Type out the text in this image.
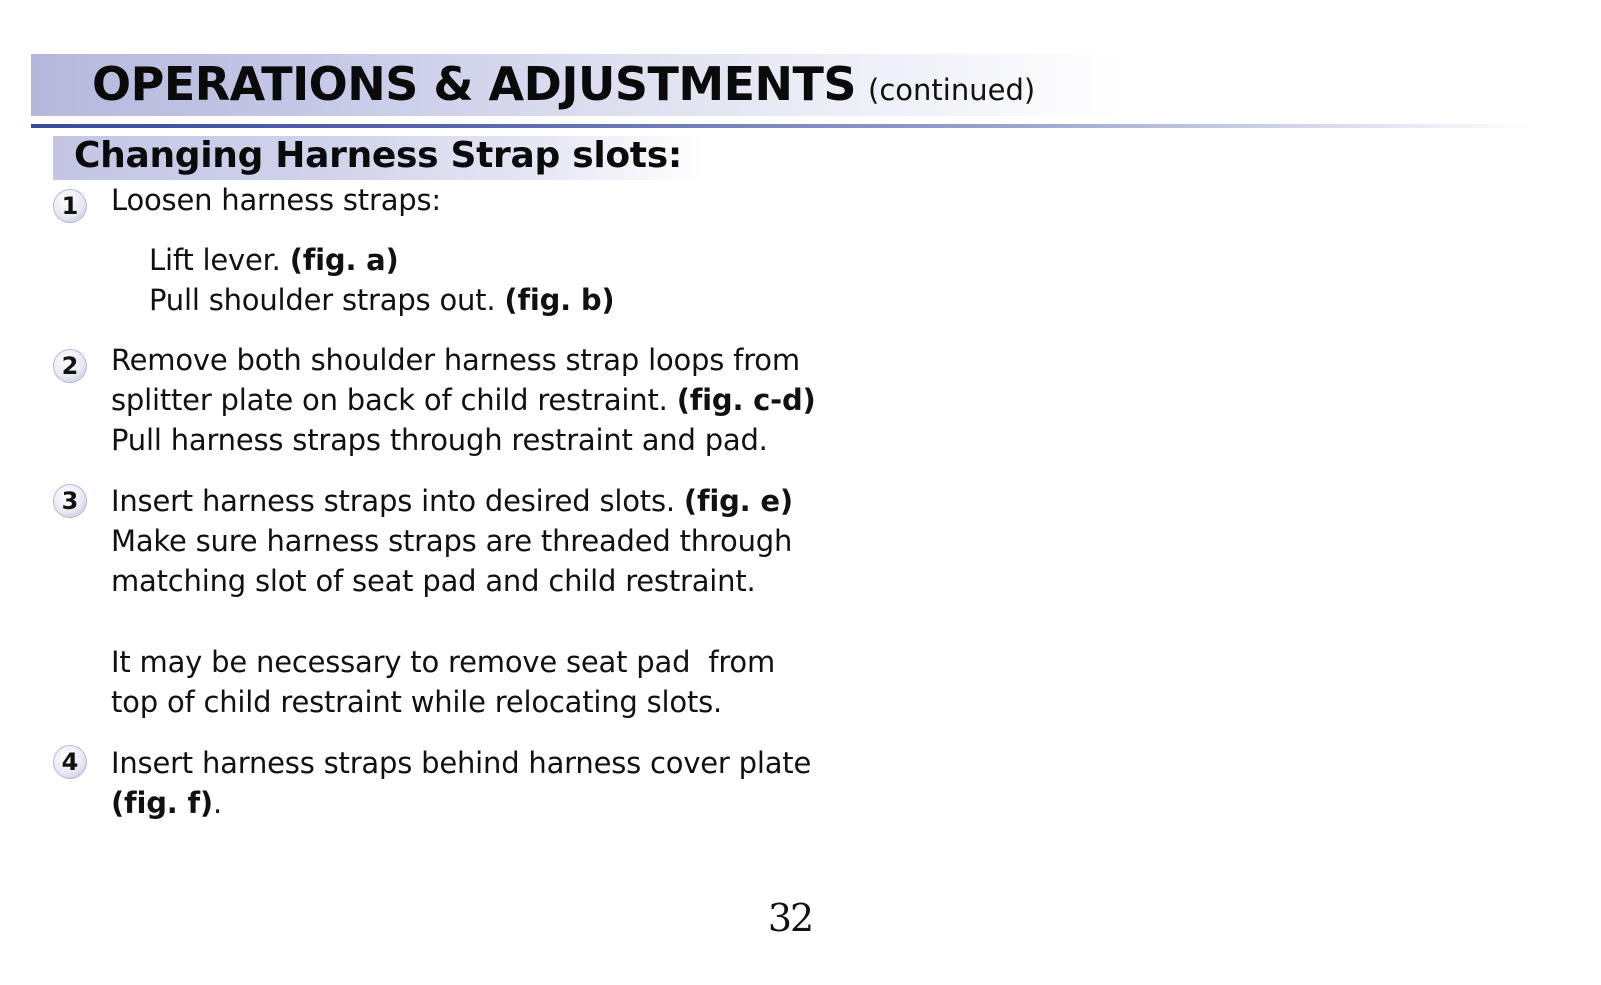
OPERATIONS & ADJUSTMENTS (continued)
Changing Harness Strap slots:
1 Loosen harness straps:
Lift lever. (fig. a)
Pull shoulder straps out. (fig. b)
2 Remove both shoulder harness strap loops from
splitter plate on back of child restraint. (fig. c-d)
Pull harness straps through restraint and pad.
3 Insert harness straps into desired slots. (fig. e)
Make sure harness straps are threaded through
matching slot of seat pad and child restraint.
It may be necessary to remove seat pad  from
top of child restraint while relocating slots.
4 Insert harness straps behind harness cover plate
(fig. f).
32
